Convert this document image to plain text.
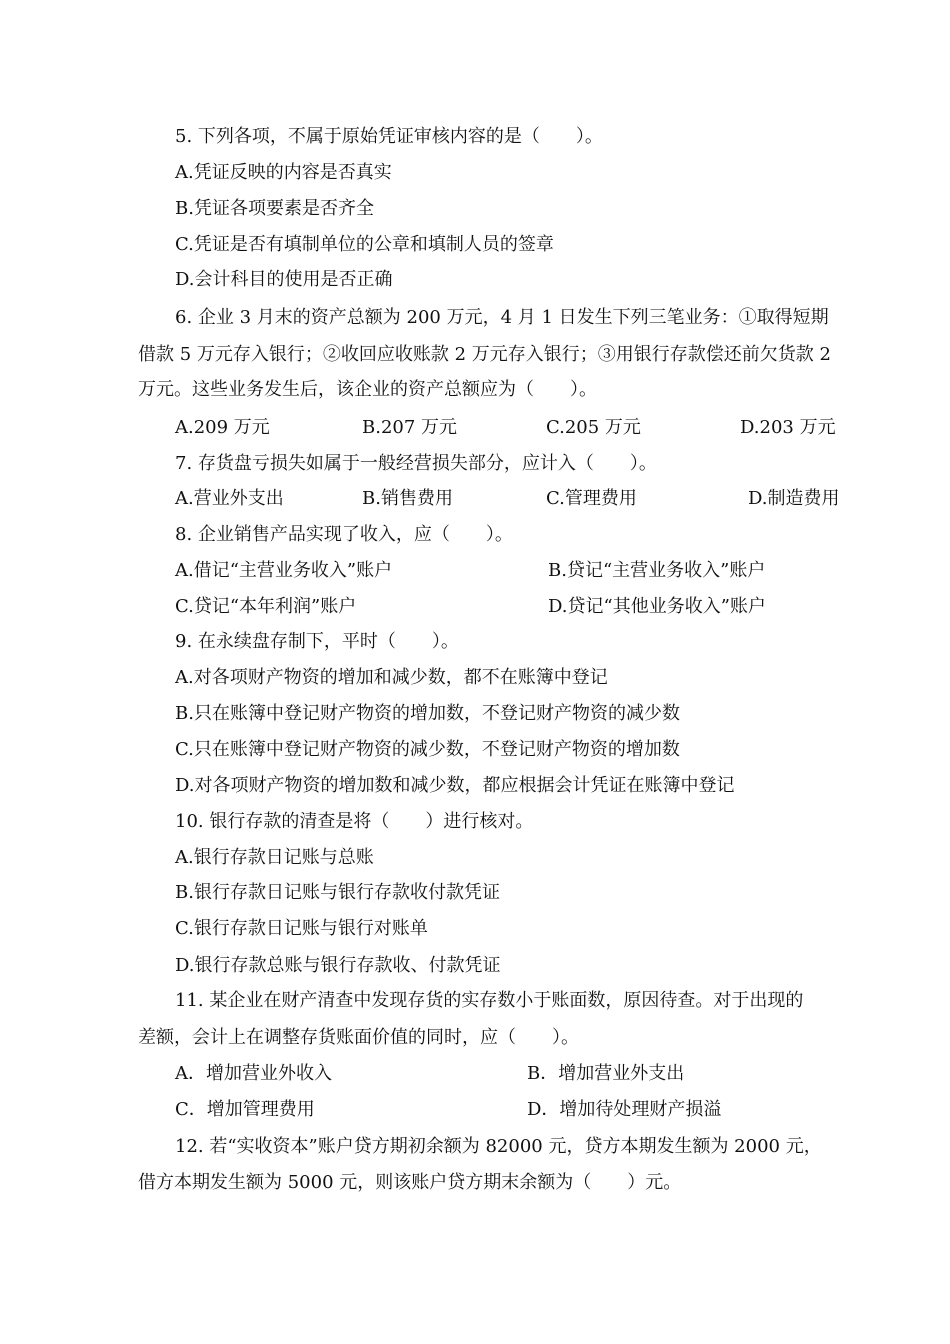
5. 下列各项，不属于原始凭证审核内容的是（　　）。
A.凭证反映的内容是否真实
B.凭证各项要素是否齐全
C.凭证是否有填制单位的公章和填制人员的签章
D.会计科目的使用是否正确
6. 企业 3 月末的资产总额为 200 万元，4 月 1 日发生下列三笔业务：①取得短期
借款 5 万元存入银行；②收回应收账款 2 万元存入银行；③用银行存款偿还前欠货款 2
万元。这些业务发生后，该企业的资产总额应为（　　）。
A.209 万元	B.207 万元	C.205 万元	D.203 万元
7. 存货盘亏损失如属于一般经营损失部分，应计入（　　）。
A.营业外支出	B.销售费用	C.管理费用	D.制造费用
8. 企业销售产品实现了收入，应（　　）。
A.借记“主营业务收入”账户	B.贷记“主营业务收入”账户
C.贷记“本年利润”账户	D.贷记“其他业务收入”账户
9. 在永续盘存制下，平时（　　）。
A.对各项财产物资的增加和减少数，都不在账簿中登记
B.只在账簿中登记财产物资的增加数，不登记财产物资的减少数
C.只在账簿中登记财产物资的减少数，不登记财产物资的增加数
D.对各项财产物资的增加数和减少数，都应根据会计凭证在账簿中登记
10. 银行存款的清查是将（　　）进行核对。
A.银行存款日记账与总账
B.银行存款日记账与银行存款收付款凭证
C.银行存款日记账与银行对账单
D.银行存款总账与银行存款收、付款凭证
11. 某企业在财产清查中发现存货的实存数小于账面数，原因待查。对于出现的
差额，会计上在调整存货账面价值的同时，应（　　）。
A．增加营业外收入	B．增加营业外支出
C．增加管理费用	D．增加待处理财产损溢
12. 若“实收资本”账户贷方期初余额为 82000 元，贷方本期发生额为 2000 元，
借方本期发生额为 5000 元，则该账户贷方期末余额为（　　）元。
